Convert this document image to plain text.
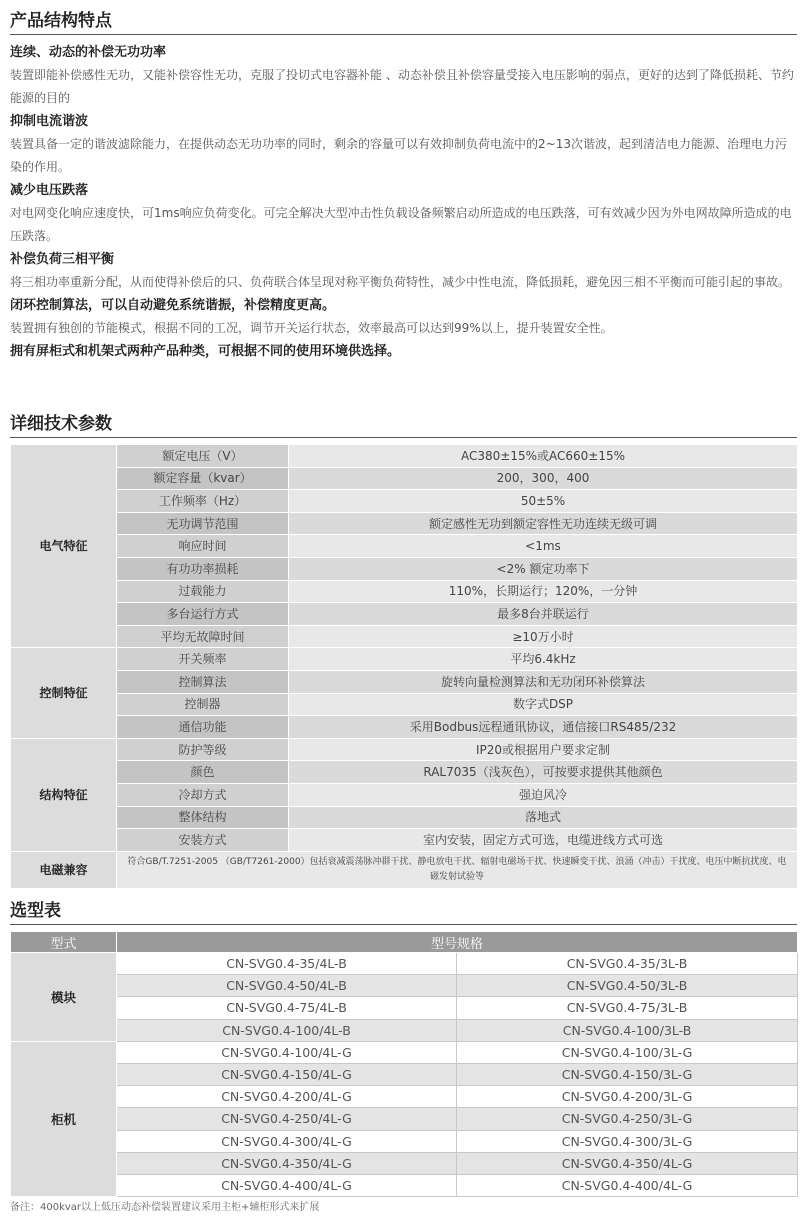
产品结构特点
连续、动态的补偿无功功率

装置即能补偿感性无功，又能补偿容性无功，克服了投切式电容器补能 、动态补偿且补偿容量受接入电压影响的弱点，更好的达到了降低损耗、节约能源的目的

抑制电流谐波

装置具备一定的谐波滤除能力，在提供动态无功功率的同时，剩余的容量可以有效抑制负荷电流中的2~13次谐波，起到清洁电力能源、治理电力污染的作用。

减少电压跌落

对电网变化响应速度快，可1ms响应负荷变化。可完全解决大型冲击性负载设备频繁启动所造成的电压跌落，可有效减少因为外电网故障所造成的电压跌落。

补偿负荷三相平衡

将三相功率重新分配，从而使得补偿后的只、负荷联合体呈现对称平衡负荷特性，减少中性电流，降低损耗，避免因三相不平衡而可能引起的事故。

闭环控制算法，可以自动避免系统谐振，补偿精度更高。

装置拥有独创的节能模式，根据不同的工况，调节开关运行状态，效率最高可以达到99%以上，提升装置安全性。

拥有屏柜式和机架式两种产品种类，可根据不同的使用环境供选择。
详细技术参数
电气特征	额定电压（V）	AC380±15%或AC660±15%
	额定容量（kvar）	200，300，400
	工作频率（Hz）	50±5%
	无功调节范围	额定感性无功到额定容性无功连续无级可调
	响应时间	<1ms
	有功功率损耗	<2% 额定功率下
	过载能力	110%，长期运行；120%，一分钟
	多台运行方式	最多8台并联运行
	平均无故障时间	≥10万小时
控制特征	开关频率	平均6.4kHz
	控制算法	旋转向量检测算法和无功闭环补偿算法
	控制器	数字式DSP
	通信功能	采用Bodbus远程通讯协议，通信接口RS485/232
结构特征	防护等级	IP20或根据用户要求定制
	颜色	RAL7035（浅灰色），可按要求提供其他颜色
	冷却方式	强迫风冷
	整体结构	落地式
	安装方式	室内安装，固定方式可选，电缆进线方式可选
电磁兼容	符合GB/T.7251-2005 （GB/T7261-2000）包括衰减震荡脉冲群干扰、静电放电干扰、辐射电磁场干扰、快速瞬变干扰、浪涌（冲击）干扰度、电压中断抗扰度、电磁发射试验等	
选型表
型式	型号规格	
模块	CN-SVG0.4-35/4L-B	CN-SVG0.4-35/3L-B
	CN-SVG0.4-50/4L-B	CN-SVG0.4-50/3L-B
	CN-SVG0.4-75/4L-B	CN-SVG0.4-75/3L-B
	CN-SVG0.4-100/4L-B	CN-SVG0.4-100/3L-B
柜机	CN-SVG0.4-100/4L-G	CN-SVG0.4-100/3L-G
	CN-SVG0.4-150/4L-G	CN-SVG0.4-150/3L-G
	CN-SVG0.4-200/4L-G	CN-SVG0.4-200/3L-G
	CN-SVG0.4-250/4L-G	CN-SVG0.4-250/3L-G
	CN-SVG0.4-300/4L-G	CN-SVG0.4-300/3L-G
	CN-SVG0.4-350/4L-G	CN-SVG0.4-350/4L-G
	CN-SVG0.4-400/4L-G	CN-SVG0.4-400/4L-G
备注：400kvar以上低压动态补偿装置建议采用主柜+辅柜形式来扩展
